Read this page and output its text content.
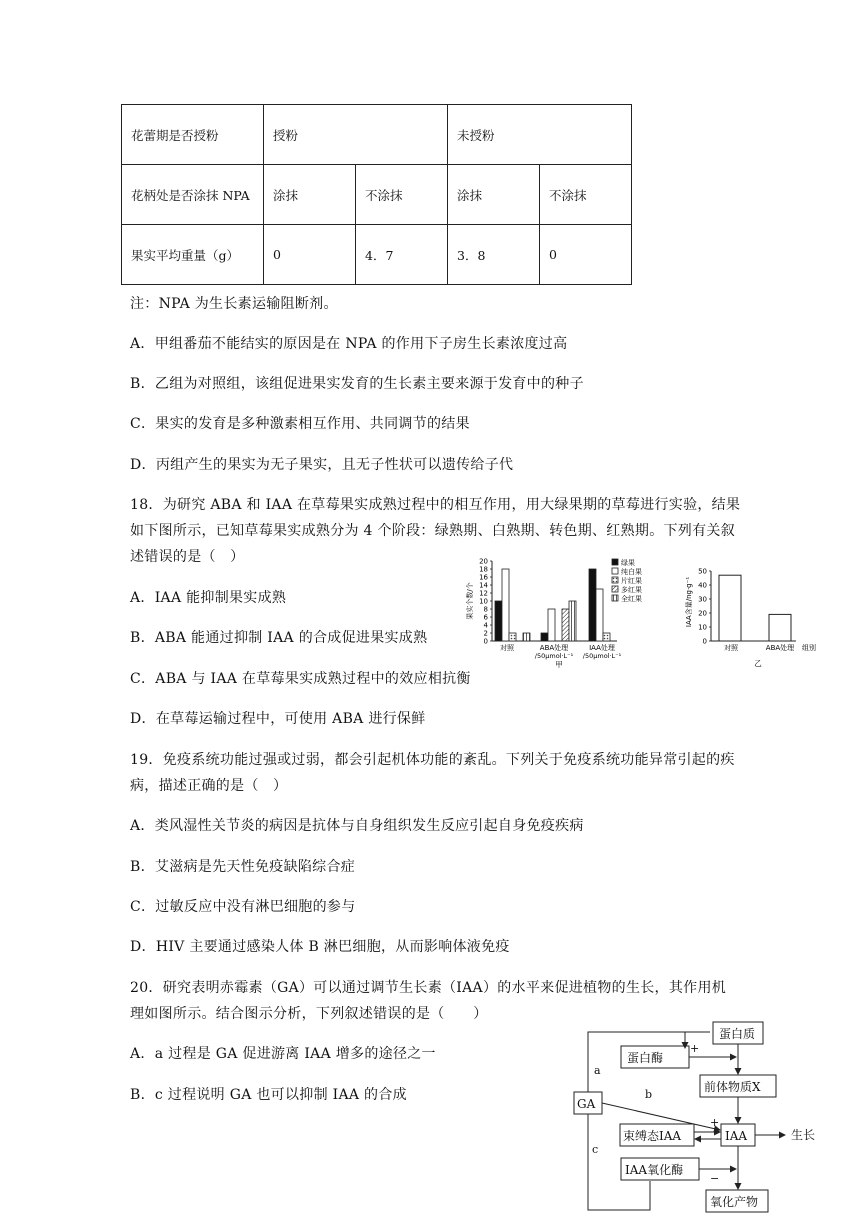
花蕾期是否授粉	授粉		未授粉	
花柄处是否涂抹 NPA	涂抹	不涂抹	涂抹	不涂抹
果实平均重量（g）	0	4．7	3．8	0
注：NPA 为生长素运输阻断剂。
A．甲组番茄不能结实的原因是在 NPA 的作用下子房生长素浓度过高
B．乙组为对照组，该组促进果实发育的生长素主要来源于发育中的种子
C．果实的发育是多种激素相互作用、共同调节的结果
D．丙组产生的果实为无子果实，且无子性状可以遗传给子代
18．为研究 ABA 和 IAA 在草莓果实成熟过程中的相互作用，用大绿果期的草莓进行实验，结果
如下图所示，已知草莓果实成熟分为 4 个阶段：绿熟期、白熟期、转色期、红熟期。下列有关叙
述错误的是（　）
A．IAA 能抑制果实成熟
B．ABA 能通过抑制 IAA 的合成促进果实成熟
C．ABA 与 IAA 在草莓果实成熟过程中的效应相抗衡
D．在草莓运输过程中，可使用 ABA 进行保鲜
0
2
4
6
8
10
12
14
16
18
20
果实个数/个
对照	ABA处理
/50μmol·L⁻¹
IAA处理
/50μmol·L⁻¹
甲
绿果
纯白果
片红果
多红果
全红果
0
10
20
30
40
50
IAA含量/ng·g⁻¹
对照	ABA处理 组别
乙
19．免疫系统功能过强或过弱，都会引起机体功能的紊乱。下列关于免疫系统功能异常引起的疾
病，描述正确的是（　）
A．类风湿性关节炎的病因是抗体与自身组织发生反应引起自身免疫疾病
B．艾滋病是先天性免疫缺陷综合症
C．过敏反应中没有淋巴细胞的参与
D．HIV 主要通过感染人体 B 淋巴细胞，从而影响体液免疫
20．研究表明赤霉素（GA）可以通过调节生长素（IAA）的水平来促进植物的生长，其作用机
理如图所示。结合图示分析，下列叙述错误的是（　　）
A．a 过程是 GA 促进游离 IAA 增多的途径之一
B．c 过程说明 GA 也可以抑制 IAA 的合成
蛋白质
蛋白酶
前体物质X
GA
束缚态IAA	IAA	生长
IAA氧化酶
氧化产物
a
b
c
+
+
−
